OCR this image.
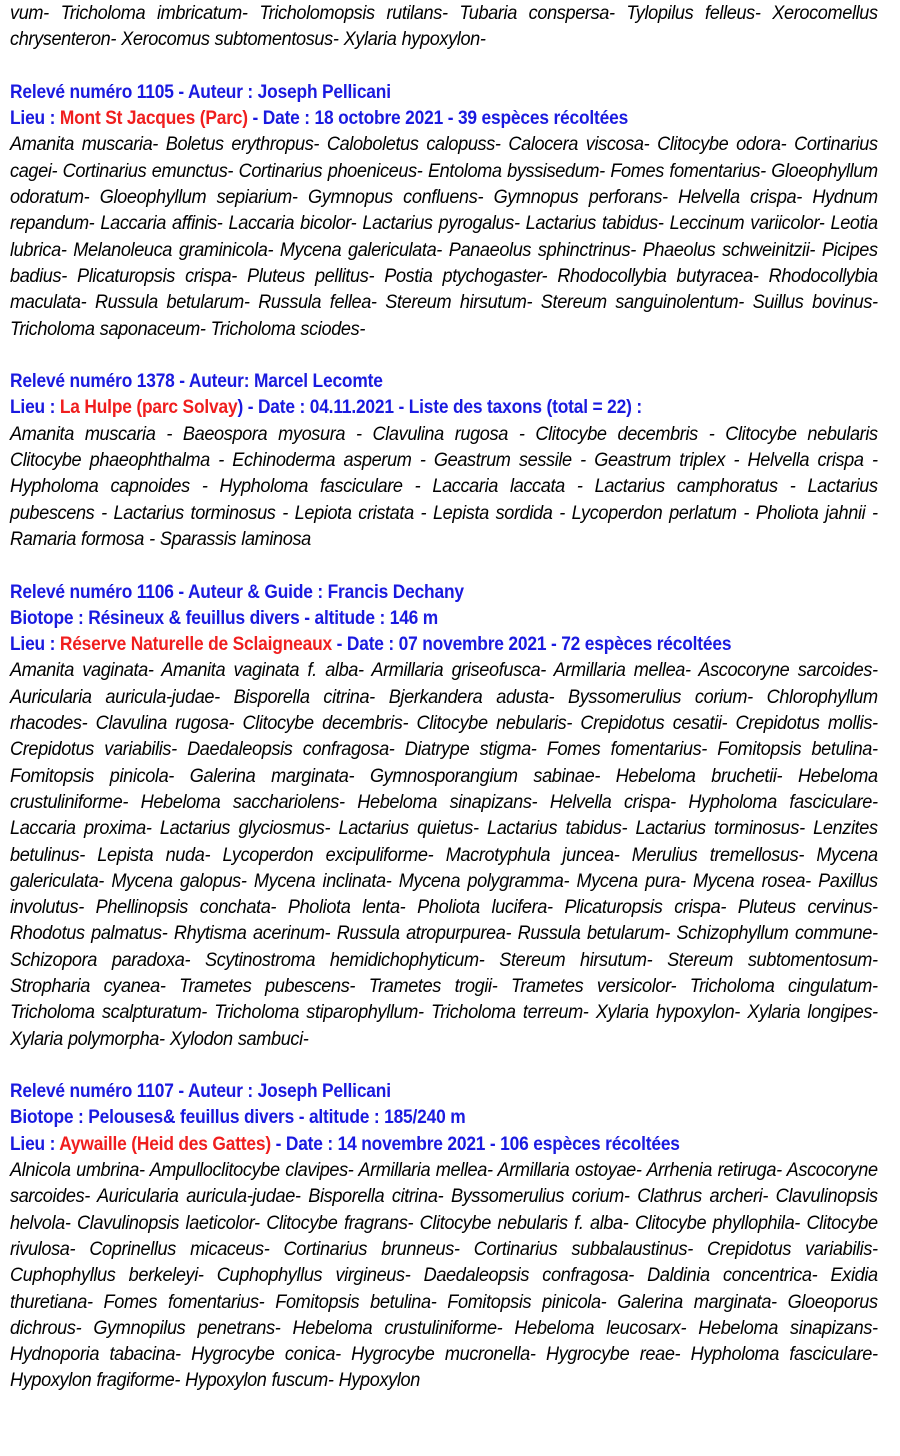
vum- Tricholoma imbricatum- Tricholomopsis rutilans- Tubaria conspersa- Tylopilus felleus- Xerocomellus chrysenteron- Xerocomus subtomentosus- Xylaria hypoxylon-

Relevé numéro 1105 - Auteur : Joseph Pellicani
Lieu : Mont St Jacques (Parc) - Date : 18 octobre 2021 - 39 espèces récoltées

Amanita muscaria- Boletus erythropus- Caloboletus calopuss- Calocera viscosa- Clitocybe odora- Cortinarius cagei- Cortinarius emunctus- Cortinarius phoeniceus- Entoloma byssisedum- Fomes fomentarius- Gloeophyllum odoratum- Gloeophyllum sepiarium- Gymnopus confluens- Gymnopus perforans- Helvella crispa- Hydnum repandum- Laccaria affinis- Laccaria bicolor- Lactarius pyrogalus- Lactarius tabidus- Leccinum variicolor- Leotia lubrica- Melanoleuca graminicola- Mycena galericulata- Panaeolus sphinctrinus- Phaeolus schweinitzii- Picipes badius- Plicaturopsis crispa- Pluteus pellitus- Postia ptychogaster- Rhodocollybia butyracea- Rhodocollybia maculata- Russula betularum- Russula fellea- Stereum hirsutum- Stereum sanguinolentum- Suillus bovinus- Tricholoma saponaceum- Tricholoma sciodes-

Relevé numéro 1378 - Auteur: Marcel Lecomte
Lieu : La Hulpe (parc Solvay) - Date : 04.11.2021 - Liste des taxons (total = 22) :

Amanita muscaria - Baeospora myosura - Clavulina rugosa - Clitocybe decembris - Clitocybe nebularis Clitocybe phaeophthalma - Echinoderma asperum - Geastrum sessile - Geastrum triplex - Helvella crispa - Hypholoma capnoides - Hypholoma fasciculare - Laccaria laccata - Lactarius camphoratus - Lactarius pubescens - Lactarius torminosus - Lepiota cristata - Lepista sordida - Lycoperdon perlatum - Pholiota jahnii - Ramaria formosa - Sparassis laminosa

Relevé numéro 1106 - Auteur & Guide : Francis Dechany
Biotope : Résineux & feuillus divers - altitude : 146 m
Lieu : Réserve Naturelle de Sclaigneaux - Date : 07 novembre 2021 - 72 espèces récoltées

Amanita vaginata- Amanita vaginata f. alba- Armillaria griseofusca- Armillaria mellea- Ascocoryne sarcoides- Auricularia auricula-judae- Bisporella citrina- Bjerkandera adusta- Byssomerulius corium- Chlorophyllum rhacodes- Clavulina rugosa- Clitocybe decembris- Clitocybe nebularis- Crepidotus cesatii- Crepidotus mollis- Crepidotus variabilis- Daedaleopsis confragosa- Diatrype stigma- Fomes fomentarius- Fomitopsis betulina- Fomitopsis pinicola- Galerina marginata- Gymnosporangium sabinae- Hebeloma bruchetii- Hebeloma crustuliniforme- Hebeloma sacchariolens- Hebeloma sinapizans- Helvella crispa- Hypholoma fasciculare- Laccaria proxima- Lactarius glyciosmus- Lactarius quietus- Lactarius tabidus- Lactarius torminosus- Lenzites betulinus- Lepista nuda- Lycoperdon excipuliforme- Macrotyphula juncea- Merulius tremellosus- Mycena galericulata- Mycena galopus- Mycena inclinata- Mycena polygramma- Mycena pura- Mycena rosea- Paxillus involutus- Phellinopsis conchata- Pholiota lenta- Pholiota lucifera- Plicaturopsis crispa- Pluteus cervinus- Rhodotus palmatus- Rhytisma acerinum- Russula atropurpurea- Russula betularum- Schizophyllum commune- Schizopora paradoxa- Scytinostroma hemidichophyticum- Stereum hirsutum- Stereum subtomentosum- Stropharia cyanea- Trametes pubescens- Trametes trogii- Trametes versicolor- Tricholoma cingulatum- Tricholoma scalpturatum- Tricholoma stiparophyllum- Tricholoma terreum- Xylaria hypoxylon- Xylaria longipes- Xylaria polymorpha- Xylodon sambuci-

Relevé numéro 1107 - Auteur : Joseph Pellicani
Biotope : Pelouses& feuillus divers - altitude : 185/240 m
Lieu : Aywaille (Heid des Gattes) - Date : 14 novembre 2021 - 106 espèces récoltées

Alnicola umbrina- Ampulloclitocybe clavipes- Armillaria mellea- Armillaria ostoyae- Arrhenia retiruga- Ascocoryne sarcoides- Auricularia auricula-judae- Bisporella citrina- Byssomerulius corium- Clathrus archeri- Clavulinopsis helvola- Clavulinopsis laeticolor- Clitocybe fragrans- Clitocybe nebularis f. alba- Clitocybe phyllophila- Clitocybe rivulosa- Coprinellus micaceus- Cortinarius brunneus- Cortinarius subbalaustinus- Crepidotus variabilis- Cuphophyllus berkeleyi- Cuphophyllus virgineus- Daedaleopsis confragosa- Daldinia concentrica- Exidia thuretiana- Fomes fomentarius- Fomitopsis betulina- Fomitopsis pinicola- Galerina marginata- Gloeoporus dichrous- Gymnopilus penetrans- Hebeloma crustuliniforme- Hebeloma leucosarx- Hebeloma sinapizans- Hydnoporia tabacina- Hygrocybe conica- Hygrocybe mucronella- Hygrocybe reae- Hypholoma fasciculare- Hypoxylon fragiforme- Hypoxylon fuscum- Hypoxylon
